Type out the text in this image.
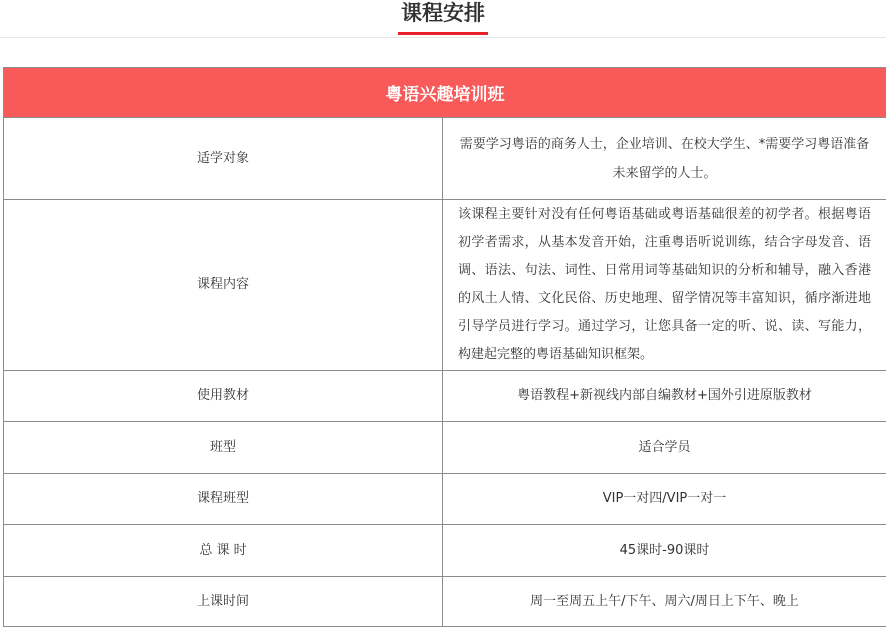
课程安排
粤语兴趣培训班	

适学对象	需要学习粤语的商务人士，企业培训、在校大学生、*需要学习粤语准备未来留学的人士。

课程内容	该课程主要针对没有任何粤语基础或粤语基础很差的初学者。根据粤语初学者需求，从基本发音开始，注重粤语听说训练，结合字母发音、语调、语法、句法、词性、日常用词等基础知识的分析和辅导，融入香港的风土人情、文化民俗、历史地理、留学情况等丰富知识，循序渐进地引导学员进行学习。通过学习，让您具备一定的听、说、读、写能力，构建起完整的粤语基础知识框架。

使用教材	粤语教程+新视线内部自编教材+国外引进原版教材

班型	适合学员

课程班型	VIP一对四/VIP一对一

总 课 时	45课时-90课时

上课时间	周一至周五上午/下午、周六/周日上下午、晚上
